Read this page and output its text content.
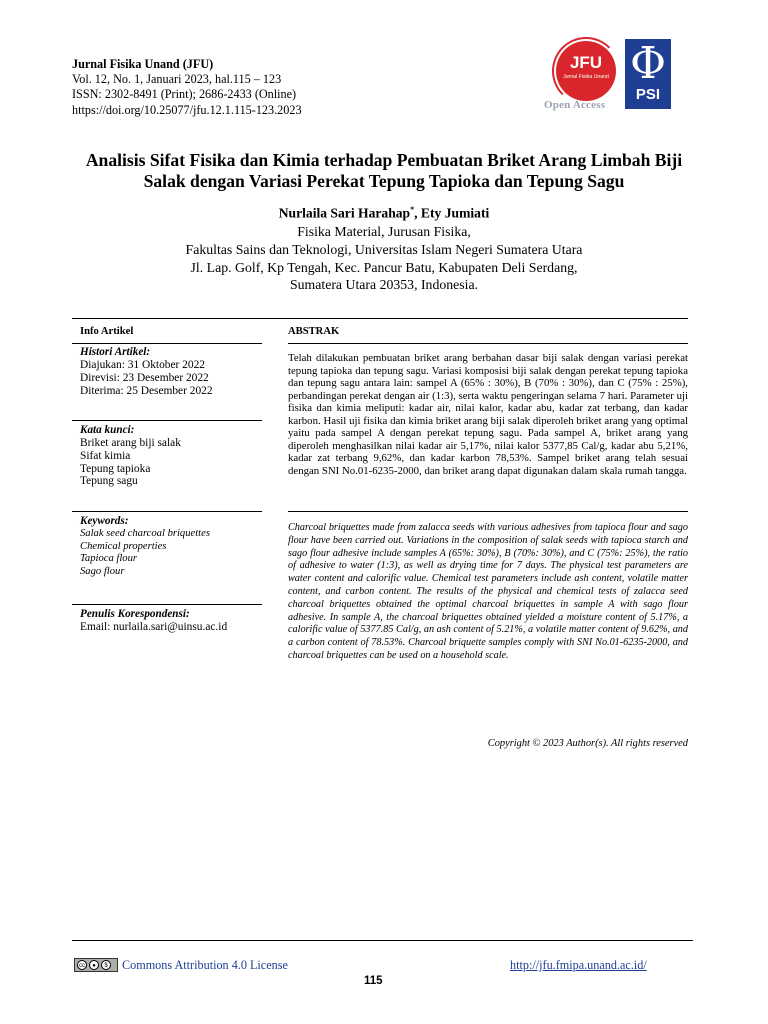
Jurnal Fisika Unand (JFU)
Vol. 12, No. 1, Januari 2023, hal.115 – 123
ISSN: 2302-8491 (Print); 2686-2433 (Online)
https://doi.org/10.25077/jfu.12.1.115-123.2023
JFU
Jurnal Fisika Unand
Open Access
Φ
PSI
Analisis Sifat Fisika dan Kimia terhadap Pembuatan Briket Arang Limbah Biji
Salak dengan Variasi Perekat Tepung Tapioka dan Tepung Sagu
Nurlaila Sari Harahap*, Ety Jumiati
Fisika Material, Jurusan Fisika,
Fakultas Sains dan Teknologi, Universitas Islam Negeri Sumatera Utara
Jl. Lap. Golf, Kp Tengah, Kec. Pancur Batu, Kabupaten Deli Serdang,
Sumatera Utara 20353, Indonesia.
Info Artikel	ABSTRAK
Histori Artikel:
Diajukan: 31 Oktober 2022
Direvisi: 23 Desember 2022
Diterima: 25 Desember 2022
Kata kunci:
Briket arang biji salak
Sifat kimia
Tepung tapioka
Tepung sagu
Keywords:
Salak seed charcoal briquettes
Chemical properties
Tapioca flour
Sago flour
Penulis Korespondensi:
Email: nurlaila.sari@uinsu.ac.id
Telah dilakukan pembuatan briket arang berbahan dasar biji salak dengan variasi perekat tepung tapioka dan tepung sagu. Variasi komposisi biji salak dengan perekat tepung tapioka dan tepung sagu antara lain: sampel A (65% : 30%), B (70% : 30%), dan C (75% : 25%), perbandingan perekat dengan air (1:3), serta waktu pengeringan selama 7 hari. Parameter uji fisika dan kimia meliputi: kadar air, nilai kalor, kadar abu, kadar zat terbang, dan kadar karbon. Hasil uji fisika dan kimia briket arang biji salak diperoleh briket arang yang optimal yaitu pada sampel A dengan perekat tepung sagu. Pada sampel A, briket arang yang diperoleh menghasilkan nilai kadar air 5,17%, nilai kalor 5377,85 Cal/g, kadar abu 5,21%, kadar zat terbang 9,62%, dan kadar karbon 78,53%. Sampel briket arang telah sesuai dengan SNI No.01-6235-2000, dan briket arang dapat digunakan dalam skala rumah tangga.
Charcoal briquettes made from zalacca seeds with various adhesives from tapioca flour and sago flour have been carried out. Variations in the composition of salak seeds with tapioca starch and sago flour adhesive include samples A (65%: 30%), B (70%: 30%), and C (75%: 25%), the ratio of adhesive to water (1:3), as well as drying time for 7 days. The physical test parameters are water content and calorific value. Chemical test parameters include ash content, volatile matter content, and carbon content. The results of the physical and chemical tests of zalacca seed charcoal briquettes obtained the optimal charcoal briquettes in sample A with sago flour adhesive. In sample A, the charcoal briquettes obtained yielded a moisture content of 5.17%, a calorific value of 5377.85 Cal/g, an ash content of 5.21%, a volatile matter content of 9.62%, and a carbon content of 78.53%. Charcoal briquette samples comply with SNI No.01-6235-2000, and charcoal briquettes can be used on a household scale.
Copyright © 2023 Author(s). All rights reserved
cc	●	$ Commons Attribution 4.0 License	http://jfu.fmipa.unand.ac.id/
115
